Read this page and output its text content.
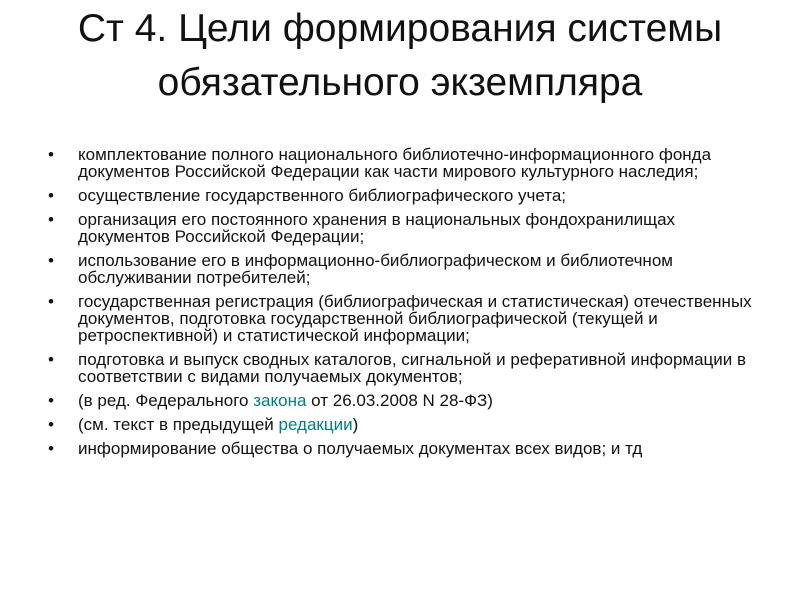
Ст 4. Цели формирования системы обязательного экземпляра
• комплектование полного национального библиотечно-информационного фонда документов Российской Федерации как части мирового культурного наследия;
• осуществление государственного библиографического учета;
• организация его постоянного хранения в национальных фондохранилищах документов Российской Федерации;
• использование его в информационно-библиографическом и библиотечном обслуживании потребителей;
• государственная регистрация (библиографическая и статистическая) отечественных документов, подготовка государственной библиографической (текущей и ретроспективной) и статистической информации;
• подготовка и выпуск сводных каталогов, сигнальной и реферативной информации в соответствии с видами получаемых документов;
• (в ред. Федерального закона от 26.03.2008 N 28-ФЗ)
• (см. текст в предыдущей редакции)
• информирование общества о получаемых документах всех видов; и тд
